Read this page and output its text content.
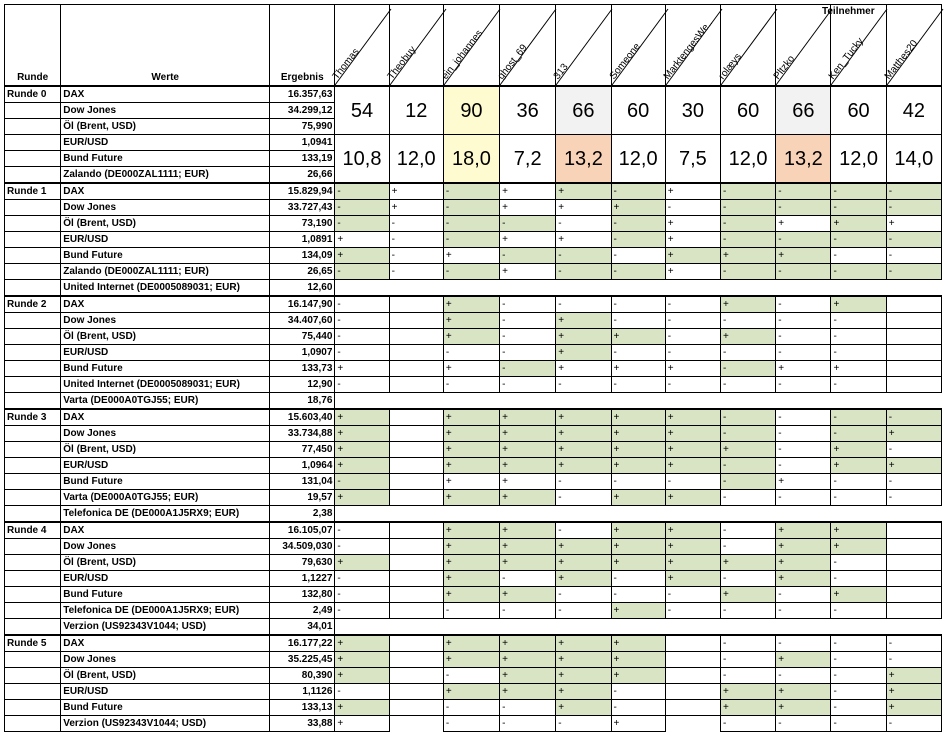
Runde	Werte	Ergebnis	Thomas	Theobuy	ein_johannes	ghost_69	313	Someone	MarktengesWe..	rolæys	Pltzko	Ken_Tucky	Matthes20

Runde 0	DAX	16.357,63	54	12	90	36	66	60	30	60	66	60	42
	Dow Jones	34.299,12											
	Öl (Brent, USD)	75,990											
	EUR/USD	1,0941	10,8	12,0	18,0	7,2	13,2	12,0	7,5	12,0	13,2	12,0	14,0
	Bund Future	133,19											
	Zalando (DE000ZAL1111; EUR)	26,66											
Runde 1	DAX	15.829,94	-	+	-	+	+	-	+	-	-	-	-
	Dow Jones	33.727,43	-	+	-	+	+	+	-	-	-	-	-
	Öl (Brent, USD)	73,190	-	-	-	-	-	-	+	-	+	+	+
	EUR/USD	1,0891	+	-	-	+	+	-	+	-	-	-	-
	Bund Future	134,09	+	-	+	-	-	-	+	+	+	-	-
	Zalando (DE000ZAL1111; EUR)	26,65	-	-	-	+	-	-	+	-	-	-	-
	United Internet (DE0005089031; EUR)	12,60											
Runde 2	DAX	16.147,90	-		+	-	-	-	-	+	-	+	
	Dow Jones	34.407,60	-		+	-	+	-	-	-	-	-	
	Öl (Brent, USD)	75,440	-		+	-	+	+	-	+	-	-	
	EUR/USD	1,0907	-		-	-	+	-	-	-	-	-	
	Bund Future	133,73	+		+	-	+	+	+	-	+	+	
	United Internet (DE0005089031; EUR)	12,90	-		-	-	-	-	-	-	-	-	
	Varta (DE000A0TGJ55; EUR)	18,76											
Runde 3	DAX	15.603,40	+		+	+	+	+	+	-	-	-	-
	Dow Jones	33.734,88	+		+	+	+	+	+	-	-	-	+
	Öl (Brent, USD)	77,450	+		+	+	+	+	+	+	-	+	-
	EUR/USD	1,0964	+		+	+	+	+	+	-	-	+	+
	Bund Future	131,04	-		+	+	-	-	-	-	+	-	-
	Varta (DE000A0TGJ55; EUR)	19,57	+		+	+	-	+	+	-	-	-	-
	Telefonica DE (DE000A1J5RX9; EUR)	2,38											
Runde 4	DAX	16.105,07	-		+	+	-	+	+	-	+	+	
	Dow Jones	34.509,030	-		+	+	+	+	+	-	+	+	
	Öl (Brent, USD)	79,630	+		+	+	+	+	+	+	+	-	
	EUR/USD	1,1227	-		+	-	+	-	+	-	+	-	
	Bund Future	132,80	-		+	+	-	-	-	+	-	+	
	Telefonica DE (DE000A1J5RX9; EUR)	2,49	-		-	-	-	+	-	-	-	-	
	Verzion (US92343V1044; USD)	34,01											
Runde 5	DAX	16.177,22	+		+	+	+	+		-	-	-	-
	Dow Jones	35.225,45	+		+	+	+	+		-	+	-	-
	Öl (Brent, USD)	80,390	+		-	+	+	+		-	-	-	+
	EUR/USD	1,1126	-		+	+	+	-		+	+	-	+
	Bund Future	133,13	+		-	-	+	-		+	+	-	+
	Verzion (US92343V1044; USD)	33,88	+		-	-	-	+		-	-	-	-
Teilnehmer
